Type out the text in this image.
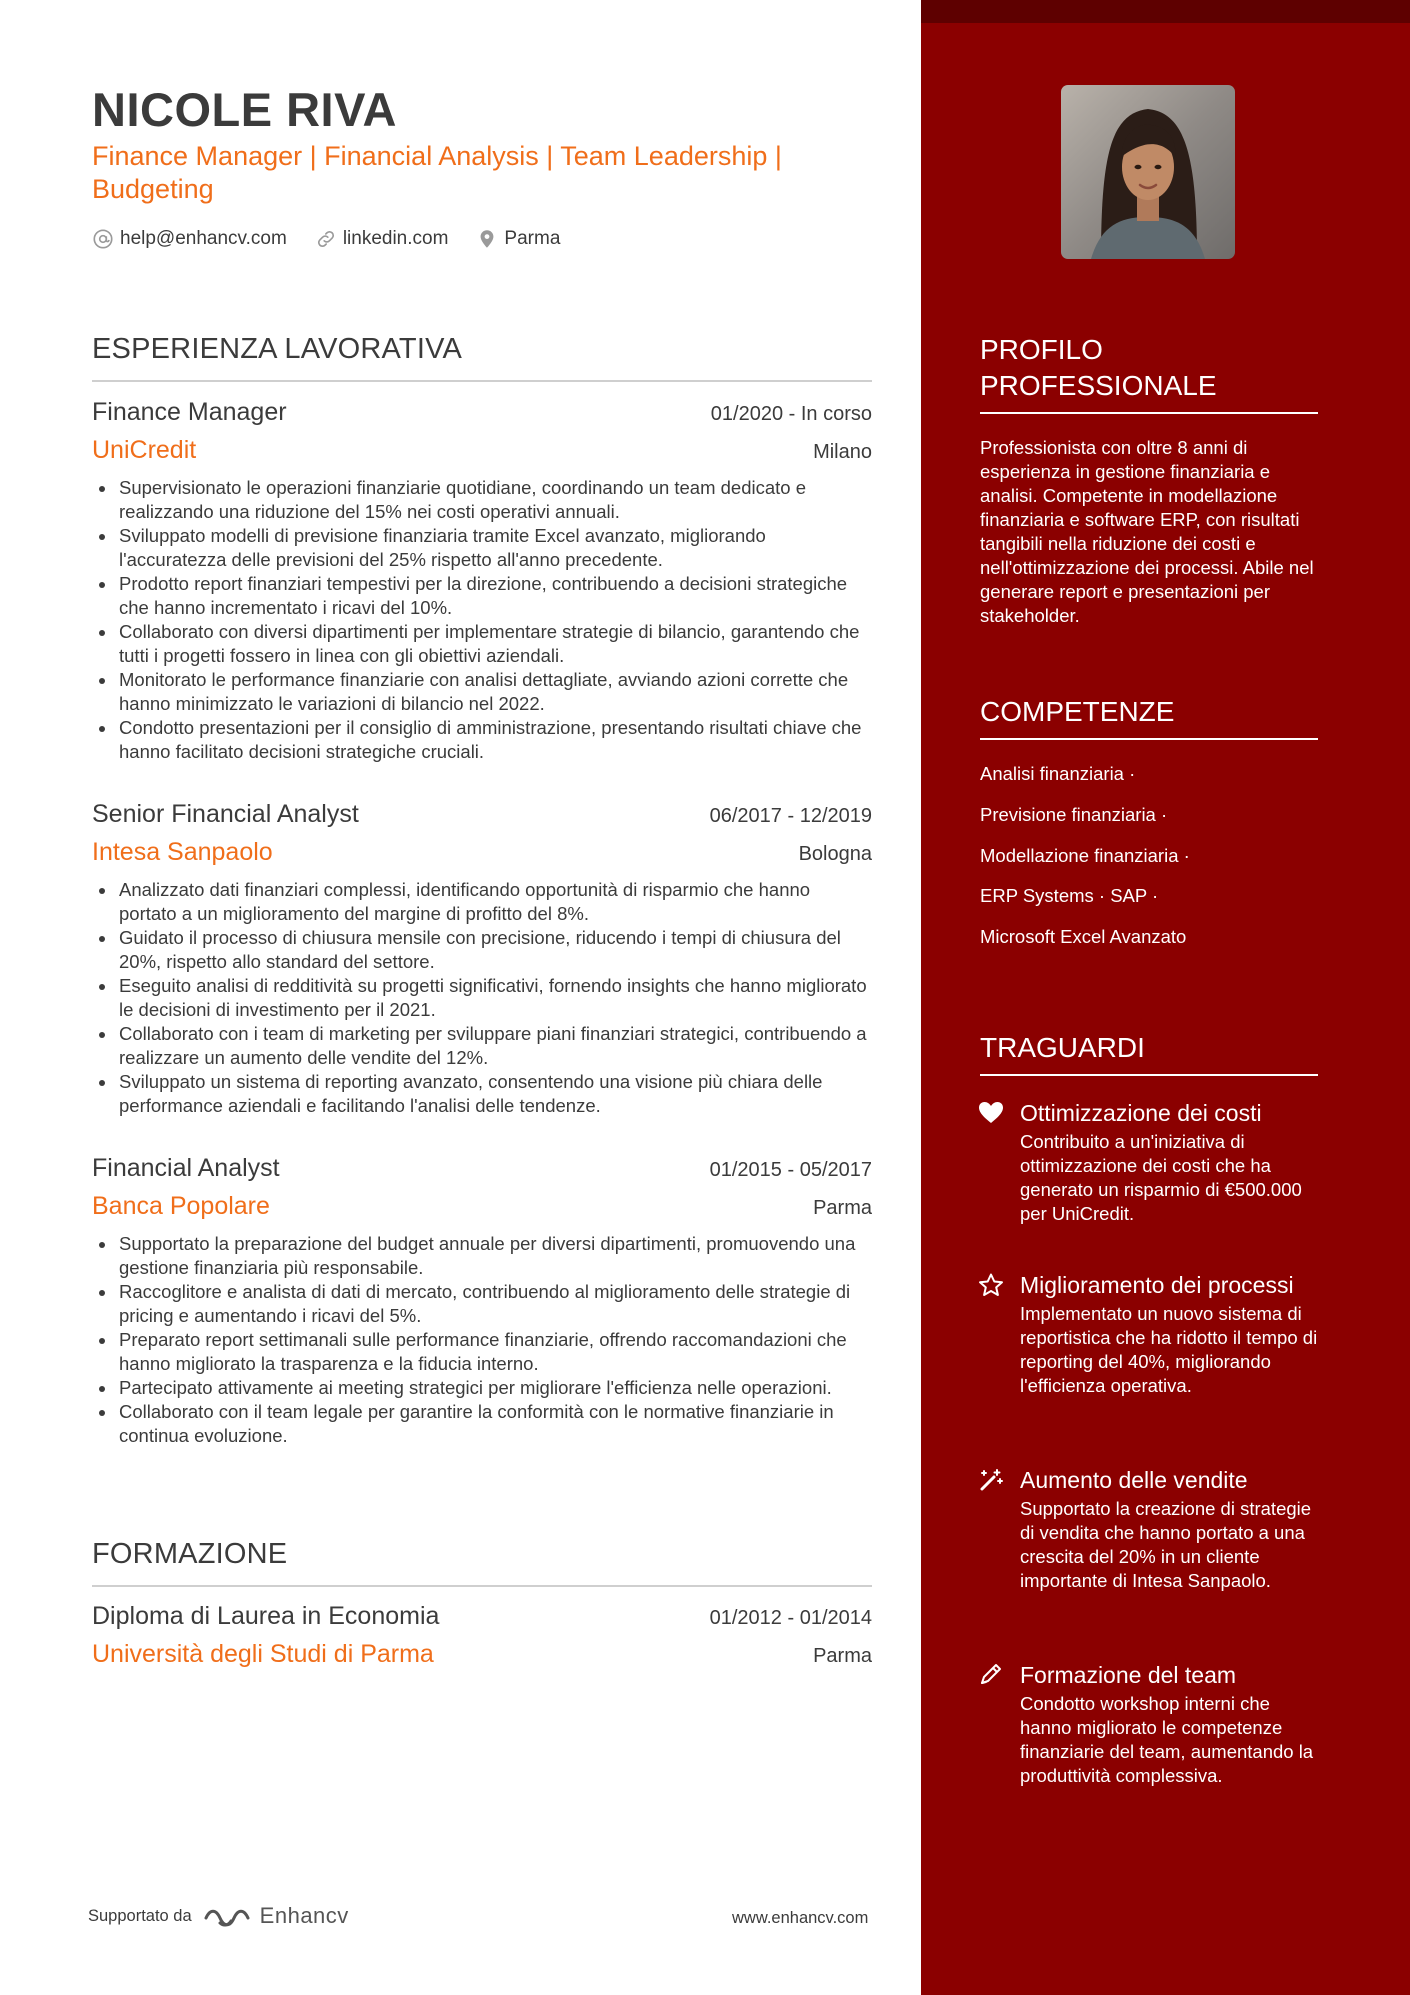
NICOLE RIVA
Finance Manager | Financial Analysis | Team Leadership | Budgeting
help@enhancv.com	linkedin.com	Parma
ESPERIENZA LAVORATIVA
Finance Manager	01/2020 - In corso
UniCredit	Milano
Supervisionato le operazioni finanziarie quotidiane, coordinando un team dedicato e realizzando una riduzione del 15% nei costi operativi annuali.
Sviluppato modelli di previsione finanziaria tramite Excel avanzato, migliorando l'accuratezza delle previsioni del 25% rispetto all'anno precedente.
Prodotto report finanziari tempestivi per la direzione, contribuendo a decisioni strategiche che hanno incrementato i ricavi del 10%.
Collaborato con diversi dipartimenti per implementare strategie di bilancio, garantendo che tutti i progetti fossero in linea con gli obiettivi aziendali.
Monitorato le performance finanziarie con analisi dettagliate, avviando azioni corrette che hanno minimizzato le variazioni di bilancio nel 2022.
Condotto presentazioni per il consiglio di amministrazione, presentando risultati chiave che hanno facilitato decisioni strategiche cruciali.
Senior Financial Analyst	06/2017 - 12/2019
Intesa Sanpaolo	Bologna
Analizzato dati finanziari complessi, identificando opportunità di risparmio che hanno portato a un miglioramento del margine di profitto del 8%.
Guidato il processo di chiusura mensile con precisione, riducendo i tempi di chiusura del 20%, rispetto allo standard del settore.
Eseguito analisi di redditività su progetti significativi, fornendo insights che hanno migliorato le decisioni di investimento per il 2021.
Collaborato con i team di marketing per sviluppare piani finanziari strategici, contribuendo a realizzare un aumento delle vendite del 12%.
Sviluppato un sistema di reporting avanzato, consentendo una visione più chiara delle performance aziendali e facilitando l'analisi delle tendenze.
Financial Analyst	01/2015 - 05/2017
Banca Popolare	Parma
Supportato la preparazione del budget annuale per diversi dipartimenti, promuovendo una gestione finanziaria più responsabile.
Raccoglitore e analista di dati di mercato, contribuendo al miglioramento delle strategie di pricing e aumentando i ricavi del 5%.
Preparato report settimanali sulle performance finanziarie, offrendo raccomandazioni che hanno migliorato la trasparenza e la fiducia interno.
Partecipato attivamente ai meeting strategici per migliorare l'efficienza nelle operazioni.
Collaborato con il team legale per garantire la conformità con le normative finanziarie in continua evoluzione.
FORMAZIONE
Diploma di Laurea in Economia	01/2012 - 01/2014
Università degli Studi di Parma	Parma
Supportato da	Enhancv	www.enhancv.com
PROFILO PROFESSIONALE
Professionista con oltre 8 anni di esperienza in gestione finanziaria e analisi. Competente in modellazione finanziaria e software ERP, con risultati tangibili nella riduzione dei costi e nell'ottimizzazione dei processi. Abile nel generare report e presentazioni per stakeholder.
COMPETENZE
Analisi finanziaria ·
Previsione finanziaria ·
Modellazione finanziaria ·
ERP Systems · SAP ·
Microsoft Excel Avanzato
TRAGUARDI
Ottimizzazione dei costi
Contribuito a un'iniziativa di ottimizzazione dei costi che ha generato un risparmio di €500.000 per UniCredit.
Miglioramento dei processi
Implementato un nuovo sistema di reportistica che ha ridotto il tempo di reporting del 40%, migliorando l'efficienza operativa.
Aumento delle vendite
Supportato la creazione di strategie di vendita che hanno portato a una crescita del 20% in un cliente importante di Intesa Sanpaolo.
Formazione del team
Condotto workshop interni che hanno migliorato le competenze finanziarie del team, aumentando la produttività complessiva.
